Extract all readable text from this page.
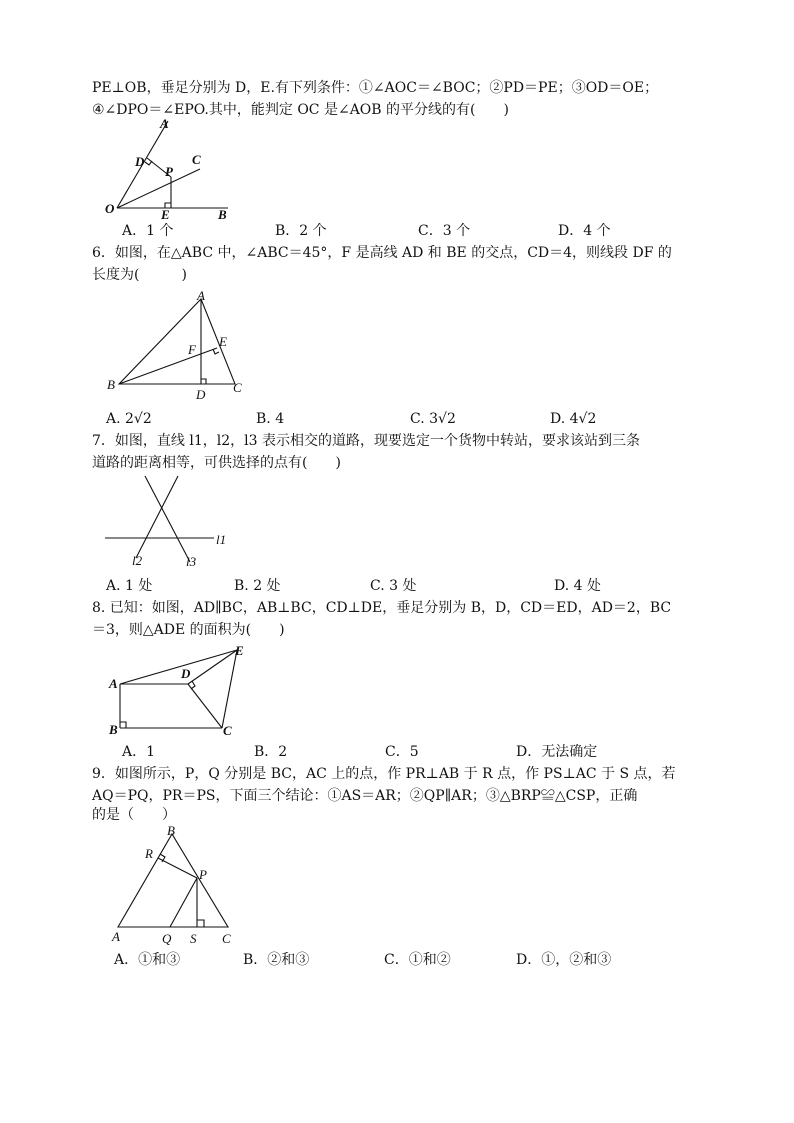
PE⊥OB，垂足分别为 D，E.有下列条件：①∠AOC＝∠BOC；②PD＝PE；③OD＝OE；
④∠DPO＝∠EPO.其中，能判定 OC 是∠AOB 的平分线的有(　　)
A
D
P
C
O	E	B
A．1 个	B．2 个	C．3 个	D．4 个
6．如图，在△ABC 中，∠ABC＝45°，F 是高线 AD 和 BE 的交点，CD＝4，则线段 DF 的
长度为(　　　)
A
E
F
B
D C
A. 2√2	B. 4	C. 3√2	D. 4√2
7．如图，直线 l1，l2，l3 表示相交的道路，现要选定一个货物中转站，要求该站到三条
道路的距离相等，可供选择的点有(　　)
l1
l2	l3
A. 1 处	B. 2 处	C. 3 处	D. 4 处
8. 已知：如图，AD∥BC，AB⊥BC，CD⊥DE，垂足分别为 B，D，CD＝ED，AD＝2，BC
＝3，则△ADE 的面积为(　　)
A
D
E
B	C
A．1	B．2	C．5	D．无法确定
9．如图所示，P，Q 分别是 BC，AC 上的点，作 PR⊥AB 于 R 点，作 PS⊥AC 于 S 点，若
AQ＝PQ，PR＝PS，下面三个结论：①AS＝AR；②QP∥AR；③△BRP≌△CSP，正确
的是（　　）
B
R
P
A	Q S C
A．①和③	B．②和③	C．①和②	D．①，②和③
